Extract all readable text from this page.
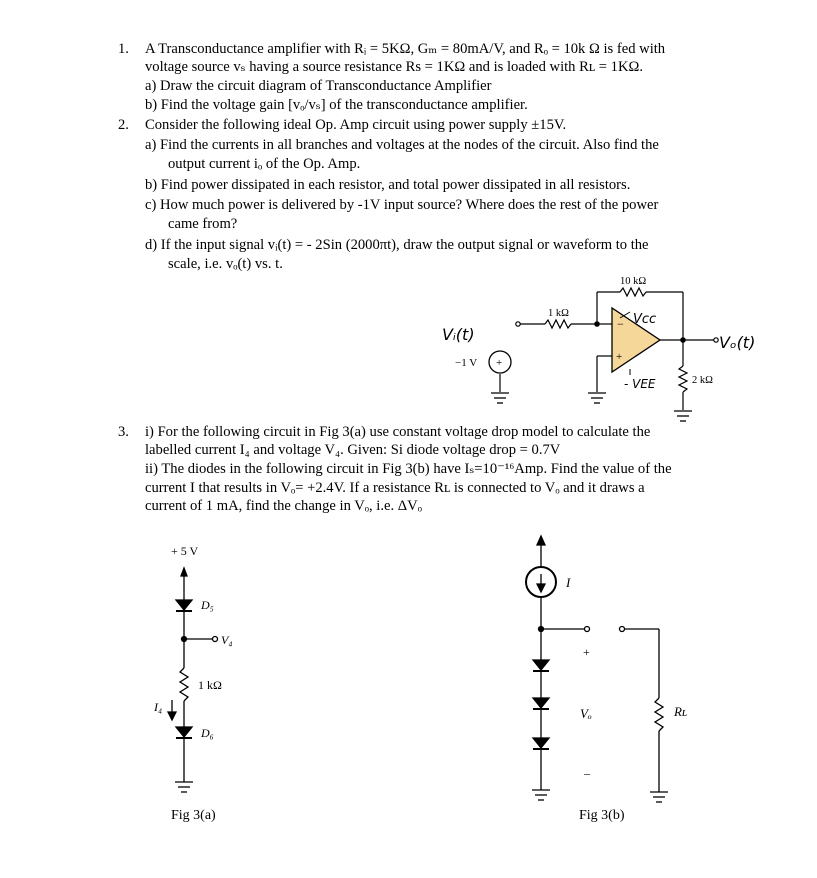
1. A Transconductance amplifier with Rᵢ = 5KΩ, Gₘ = 80mA/V, and Rₒ = 10k Ω is fed with
voltage source vₛ having a source resistance Rs = 1KΩ and is loaded with Rʟ = 1KΩ.
a) Draw the circuit diagram of Transconductance Amplifier
b) Find the voltage gain [vₒ/vₛ] of the transconductance amplifier.
2. Consider the following ideal Op. Amp circuit using power supply ±15V.
a) Find the currents in all branches and voltages at the nodes of the circuit. Also find the
output current iₒ of the Op. Amp.
b) Find power dissipated in each resistor, and total power dissipated in all resistors.
c) How much power is delivered by -1V input source? Where does the rest of the power
came from?
d) If the input signal vᵢ(t) = - 2Sin (2000πt), draw the output signal or waveform to the
scale, i.e. vₒ(t) vs. t.
10 kΩ
1 kΩ
2 kΩ
−1 V
−
+
+
Vᵢ(t)	Vₒ(t)
Vcc
- VEE
3. i) For the following circuit in Fig 3(a) use constant voltage drop model to calculate the
labelled current I₄ and voltage V₄. Given: Si diode voltage drop = 0.7V
ii) The diodes in the following circuit in Fig 3(b) have Iₛ=10⁻¹⁶Amp. Find the value of the
current I that results in Vₒ= +2.4V. If a resistance Rʟ is connected to Vₒ and it draws a
current of 1 mA, find the change in Vₒ, i.e. ΔVₒ
+ 5 V
D₅
V₄
1 kΩ
I₄
D₆
Fig 3(a)
I
+
Vₒ
–
Rʟ
Fig 3(b)
